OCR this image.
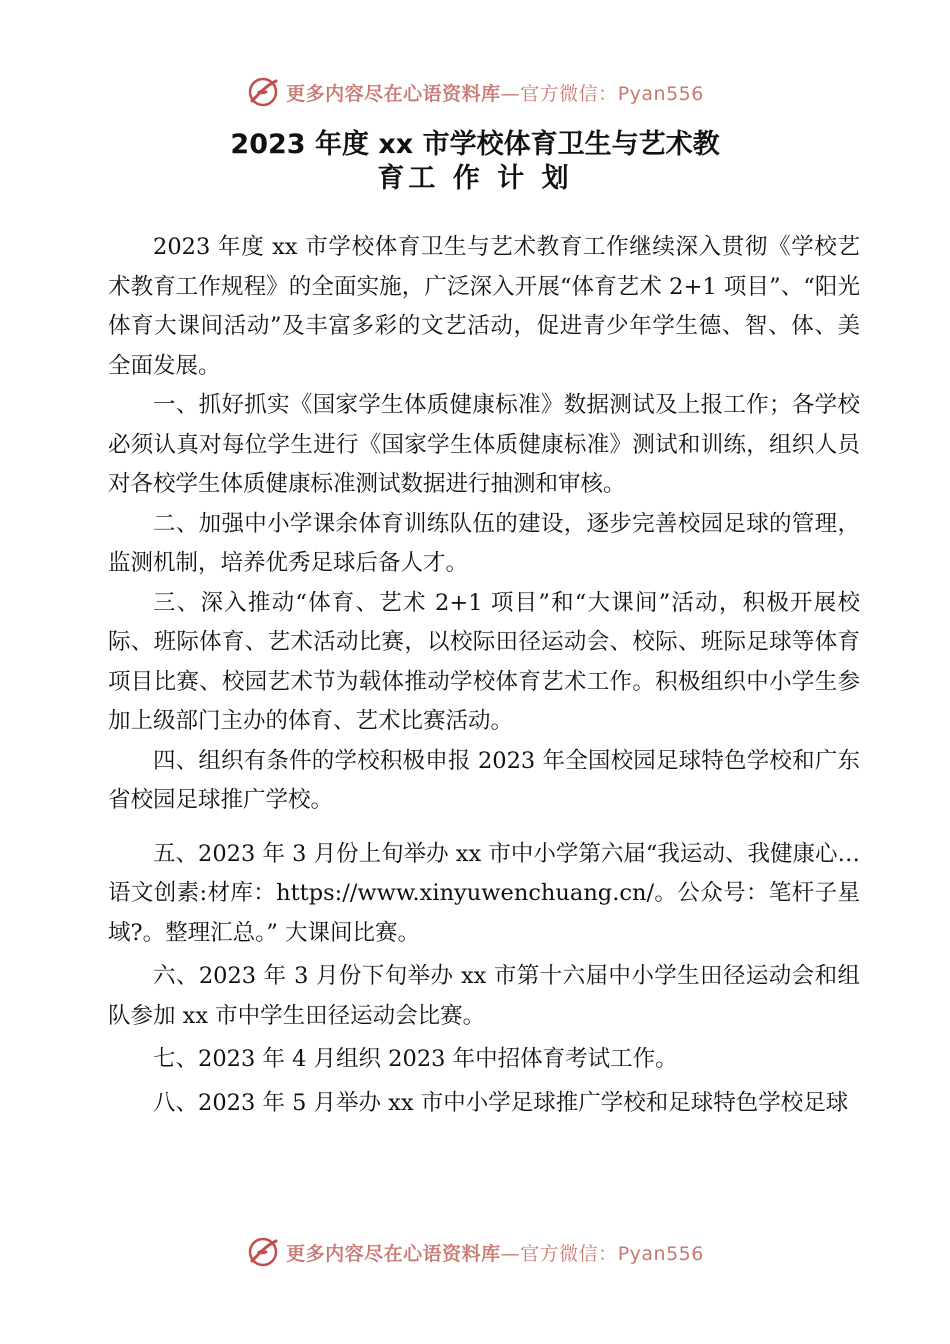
更多内容尽在心语资料库—官方微信：Pyan556
2023 年度 xx 市学校体育卫生与艺术教
育工 作 计 划

2023 年度 xx 市学校体育卫生与艺术教育工作继续深入贯彻《学校艺术教育工作规程》的全面实施，广泛深入开展“体育艺术 2+1 项目”、“阳光体育大课间活动”及丰富多彩的文艺活动，促进青少年学生德、智、体、美全面发展。

一、抓好抓实《国家学生体质健康标准》数据测试及上报工作；各学校必须认真对每位学生进行《国家学生体质健康标准》测试和训练，组织人员对各校学生体质健康标准测试数据进行抽测和审核。

二、加强中小学课余体育训练队伍的建设，逐步完善校园足球的管理，监测机制，培养优秀足球后备人才。

三、深入推动“体育、艺术 2+1 项目”和“大课间”活动，积极开展校际、班际体育、艺术活动比赛，以校际田径运动会、校际、班际足球等体育项目比赛、校园艺术节为载体推动学校体育艺术工作。积极组织中小学生参加上级部门主办的体育、艺术比赛活动。

四、组织有条件的学校积极申报 2023 年全国校园足球特色学校和广东省校园足球推广学校。

五、2023 年 3 月份上旬举办 xx 市中小学第六届“我运动、我健康心…语文创素:材库：https://www.xinyuwenchuang.cn/。公众号：笔杆子星域?。整理汇总。” 大课间比赛。

六、2023 年 3 月份下旬举办 xx 市第十六届中小学生田径运动会和组队参加 xx 市中学生田径运动会比赛。

七、2023 年 4 月组织 2023 年中招体育考试工作。

八、2023 年 5 月举办 xx 市中小学足球推广学校和足球特色学校足球

更多内容尽在心语资料库—官方微信：Pyan556
